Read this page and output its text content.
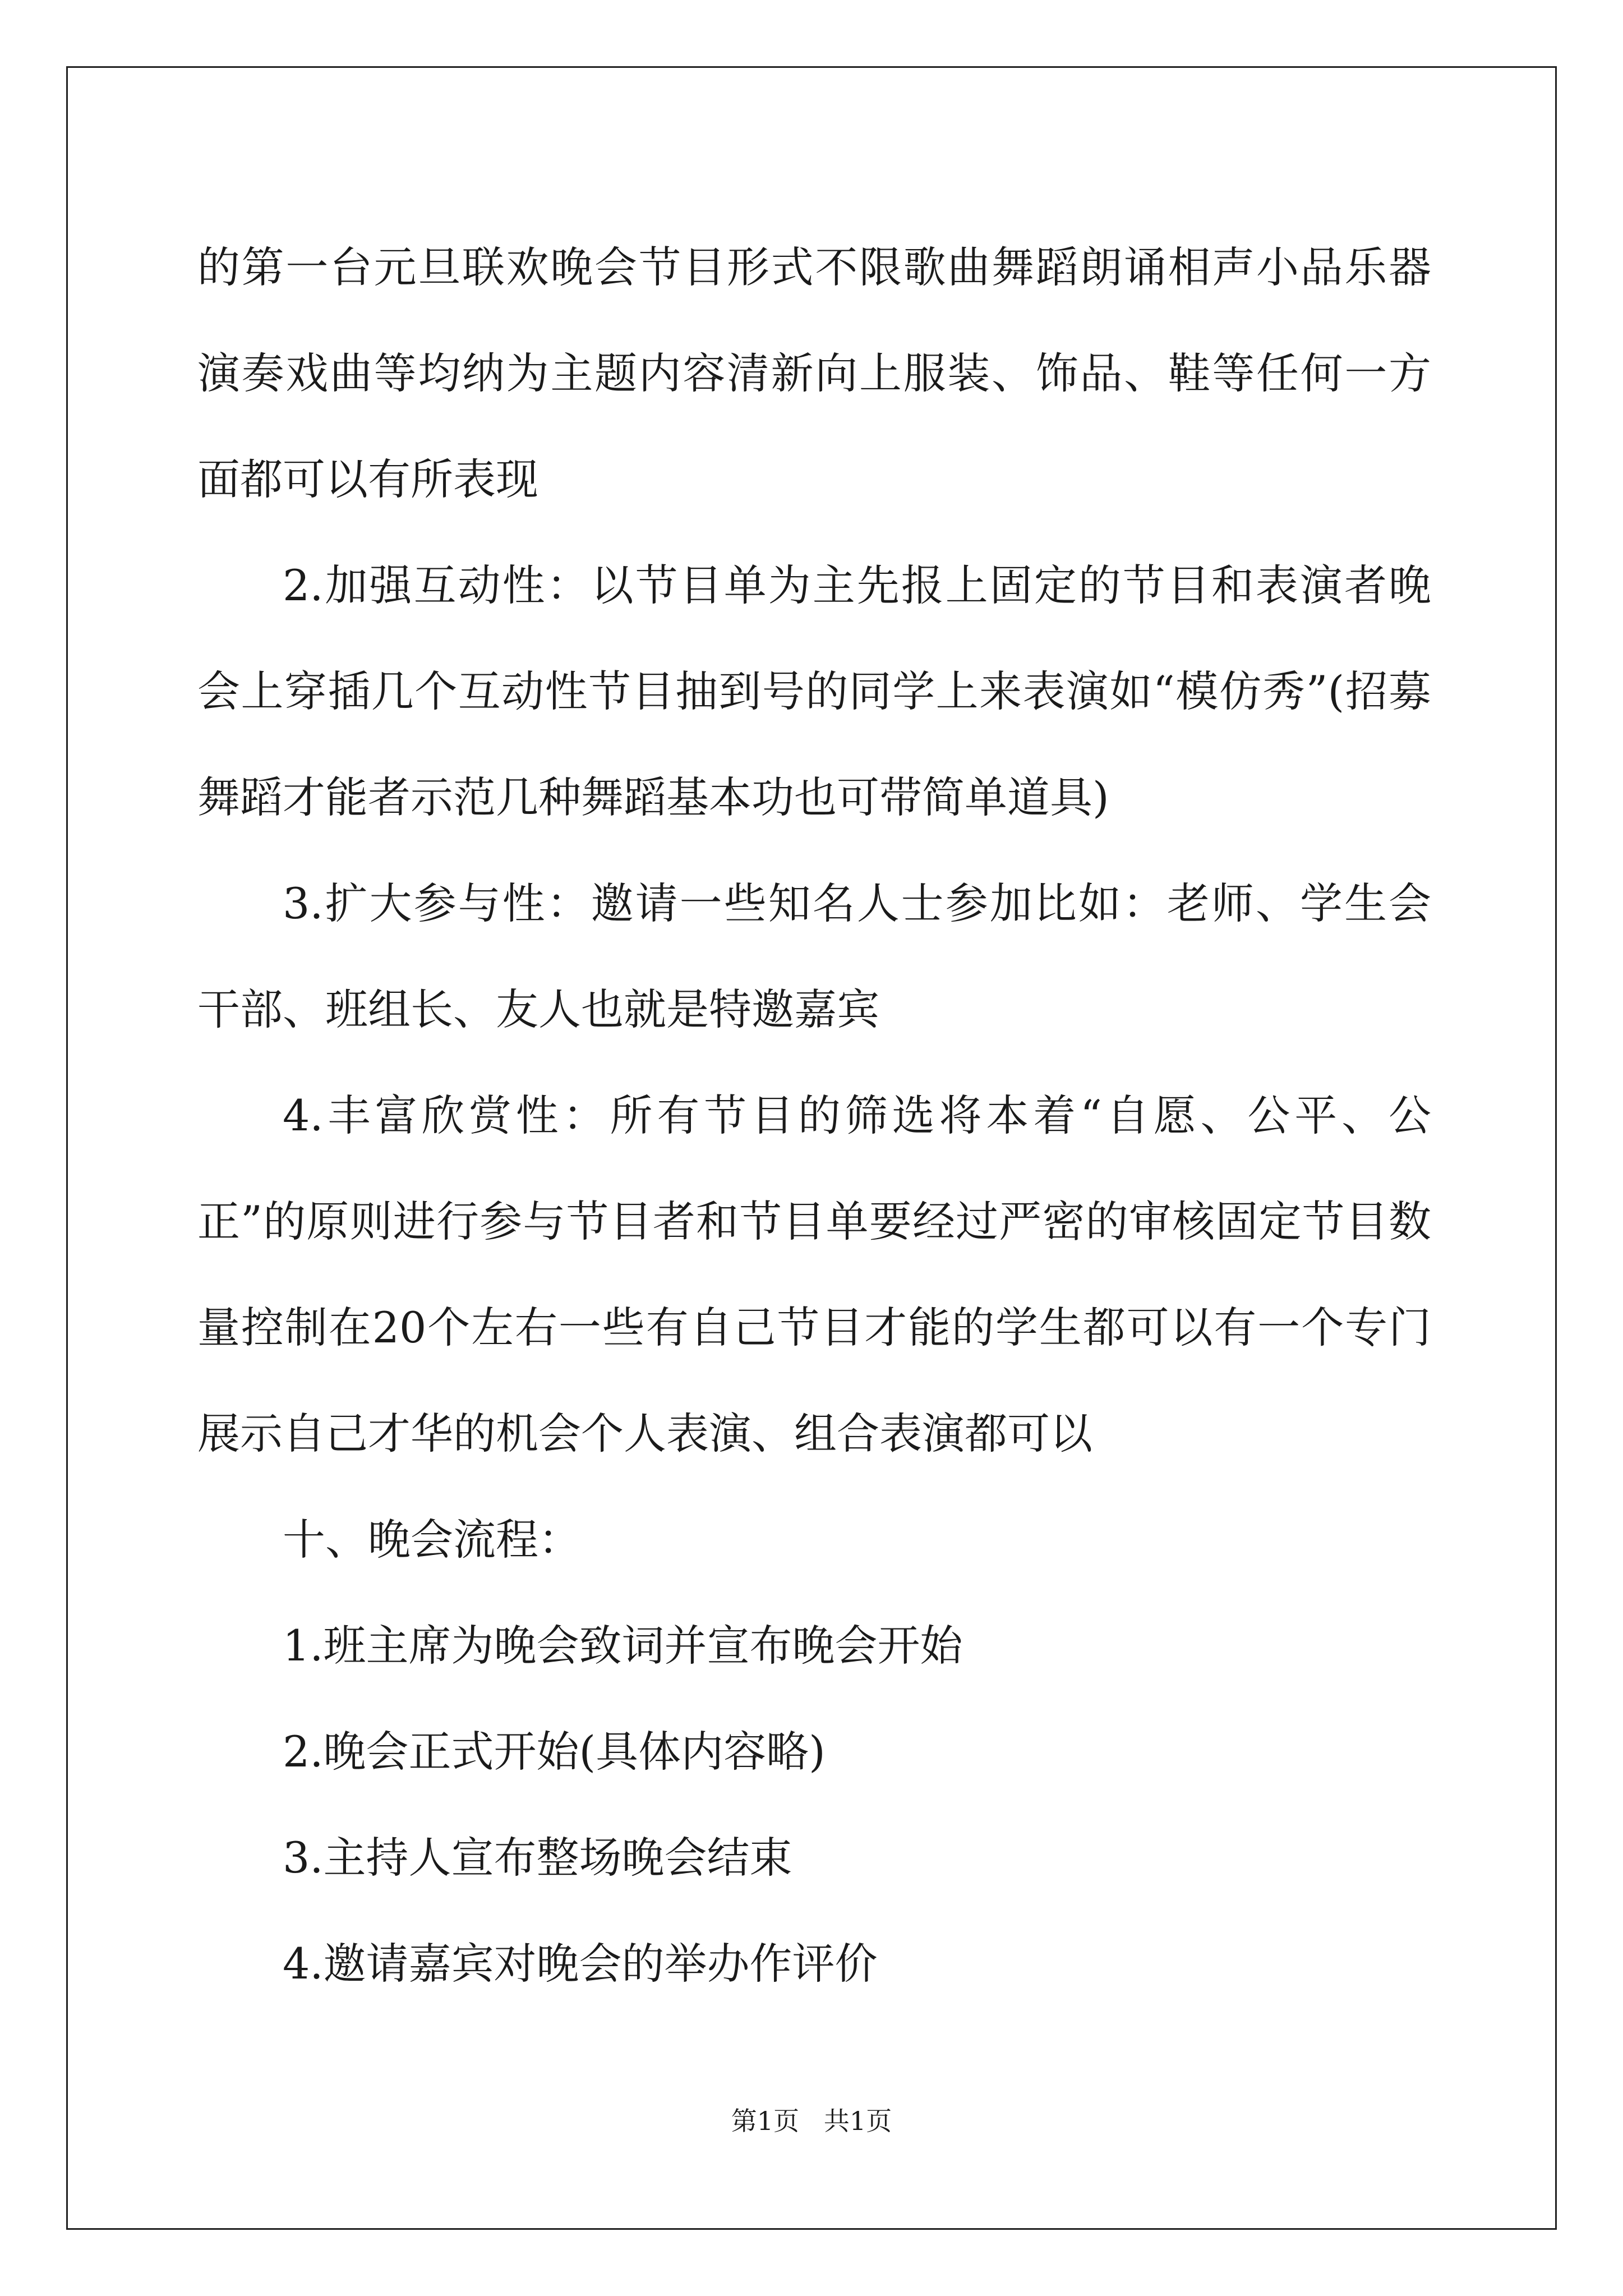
的第一台元旦联欢晚会节目形式不限歌曲舞蹈朗诵相声小品乐器演奏戏曲等均纳为主题内容清新向上服装、饰品、鞋等任何一方面都可以有所表现

2.加强互动性：以节目单为主先报上固定的节目和表演者晚会上穿插几个互动性节目抽到号的同学上来表演如“模仿秀”(招募舞蹈才能者示范几种舞蹈基本功也可带简单道具)

3.扩大参与性：邀请一些知名人士参加比如：老师、学生会干部、班组长、友人也就是特邀嘉宾

4.丰富欣赏性：所有节目的筛选将本着“自愿、公平、公正”的原则进行参与节目者和节目单要经过严密的审核固定节目数量控制在20个左右一些有自己节目才能的学生都可以有一个专门展示自己才华的机会个人表演、组合表演都可以

十、晚会流程：

1.班主席为晚会致词并宣布晚会开始

2.晚会正式开始(具体内容略)

3.主持人宣布整场晚会结束

4.邀请嘉宾对晚会的举办作评价

第1页   共1页
